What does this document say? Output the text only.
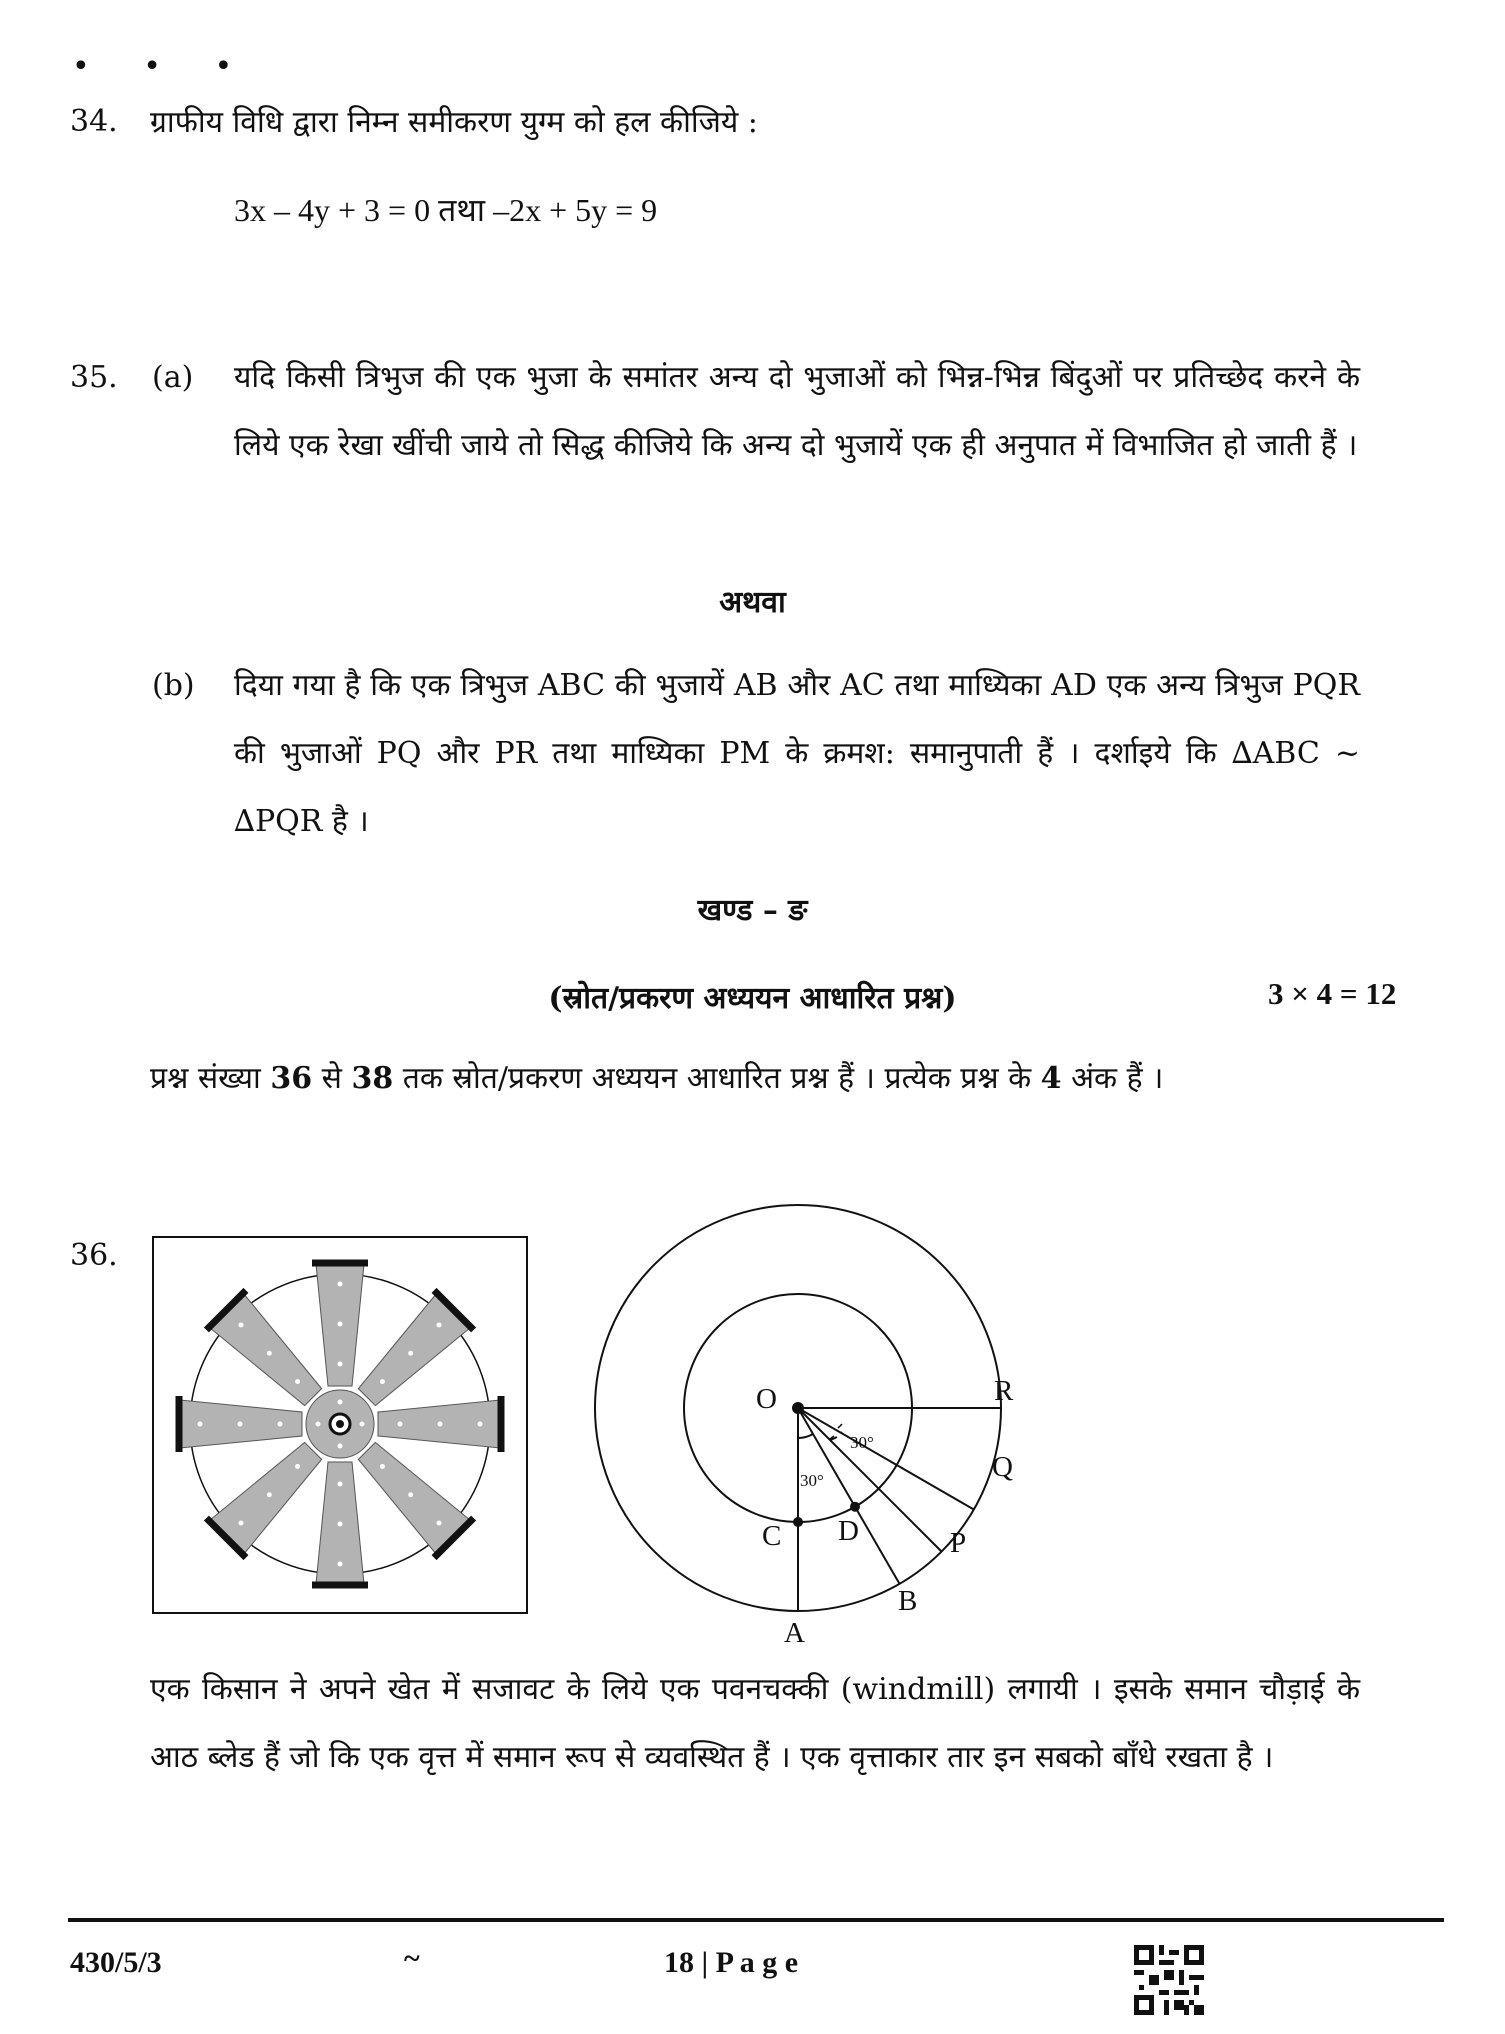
• • •
34. ग्राफीय विधि द्वारा निम्न समीकरण युग्म को हल कीजिये :
3x – 4y + 3 = 0 तथा –2x + 5y = 9
35. (a) यदि किसी त्रिभुज की एक भुजा के समांतर अन्य दो भुजाओं को भिन्न-भिन्न बिंदुओं पर प्रतिच्छेद करने के लिये एक रेखा खींची जाये तो सिद्ध कीजिये कि अन्य दो भुजायें एक ही अनुपात में विभाजित हो जाती हैं ।
अथवा
(b) दिया गया है कि एक त्रिभुज ABC की भुजायें AB और AC तथा माध्यिका AD एक अन्य त्रिभुज PQR की भुजाओं PQ और PR तथा माध्यिका PM के क्रमश: समानुपाती हैं । दर्शाइये कि ∆ABC ~ ∆PQR है ।
खण्ड – ङ
(स्रोत/प्रकरण अध्ययन आधारित प्रश्न)	3 × 4 = 12
प्रश्न संख्या 36 से 38 तक स्रोत/प्रकरण अध्ययन आधारित प्रश्न हैं । प्रत्येक प्रश्न के 4 अंक हैं ।
36.
O	R
Q
P
B
A
C D
30°
30°
एक किसान ने अपने खेत में सजावट के लिये एक पवनचक्की (windmill) लगायी । इसके समान चौड़ाई के आठ ब्लेड हैं जो कि एक वृत्त में समान रूप से व्यवस्थित हैं । एक वृत्ताकार तार इन सबको बाँधे रखता है ।
430/5/3	~	18 | P a g e
